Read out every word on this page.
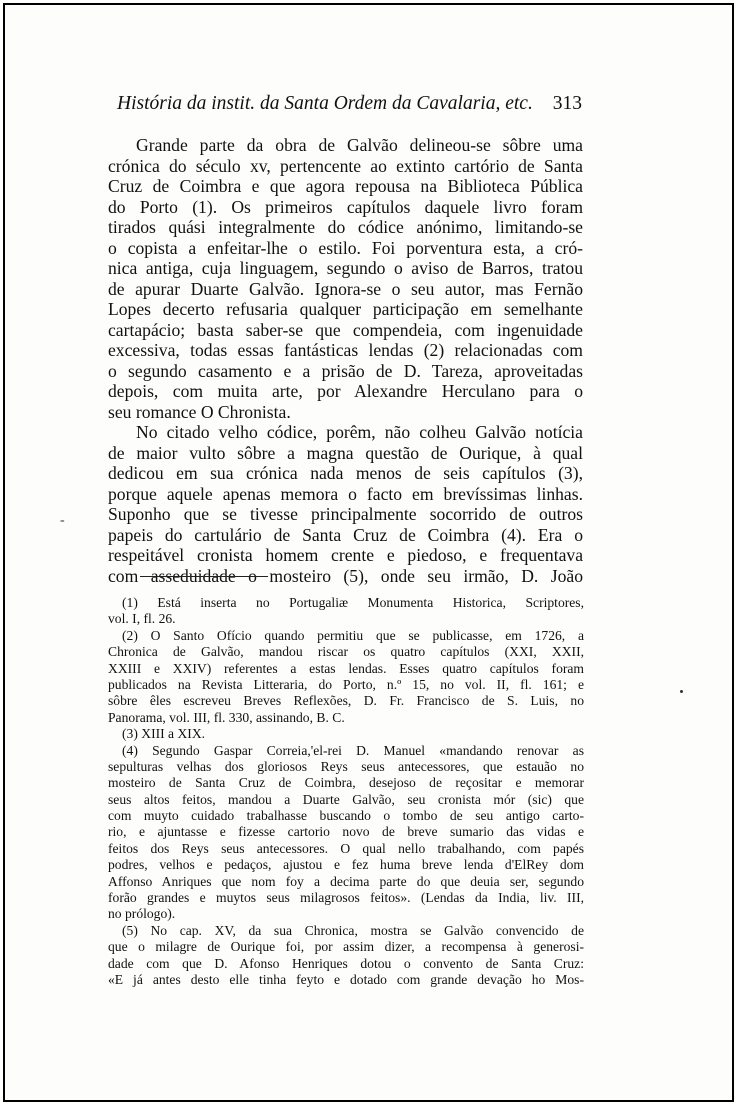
História da instit. da Santa Ordem da Cavalaria, etc. 313
Grande parte da obra de Galvão delineou-se sôbre uma
crónica do século xv, pertencente ao extinto cartório de Santa
Cruz de Coimbra e que agora repousa na Biblioteca Pública
do Porto (1). Os primeiros capítulos daquele livro foram
tirados quási integralmente do códice anónimo, limitando-se
o copista a enfeitar-lhe o estilo. Foi porventura esta, a cró-
nica antiga, cuja linguagem, segundo o aviso de Barros, tratou
de apurar Duarte Galvão. Ignora-se o seu autor, mas Fernão
Lopes decerto refusaria qualquer participação em semelhante
cartapácio; basta saber-se que compendeia, com ingenuidade
excessiva, todas essas fantásticas lendas (2) relacionadas com
o segundo casamento e a prisão de D. Tareza, aproveitadas
depois, com muita arte, por Alexandre Herculano para o
seu romance O Chronista.
No citado velho códice, porêm, não colheu Galvão notícia
de maior vulto sôbre a magna questão de Ourique, à qual
dedicou em sua crónica nada menos de seis capítulos (3),
porque aquele apenas memora o facto em brevíssimas linhas.
Suponho que se tivesse principalmente socorrido de outros
papeis do cartulário de Santa Cruz de Coimbra (4). Era o
respeitável cronista homem crente e piedoso, e frequentava
com asseduidade o mosteiro (5), onde seu irmão, D. João
-
(1) Está inserta no Portugaliæ Monumenta Historica, Scriptores,
vol. I, fl. 26.
(2) O Santo Ofício quando permitiu que se publicasse, em 1726, a
Chronica de Galvão, mandou riscar os quatro capítulos (XXI, XXII,
XXIII e XXIV) referentes a estas lendas. Esses quatro capítulos foram
publicados na Revista Litteraria, do Porto, n.º 15, no vol. II, fl. 161; e
sôbre êles escreveu Breves Reflexões, D. Fr. Francisco de S. Luis, no
Panorama, vol. III, fl. 330, assinando, B. C.
(3) XIII a XIX.
(4) Segundo Gaspar Correia,'el-rei D. Manuel «mandando renovar as
sepulturas velhas dos gloriosos Reys seus antecessores, que estauão no
mosteiro de Santa Cruz de Coimbra, desejoso de reçositar e memorar
seus altos feitos, mandou a Duarte Galvão, seu cronista mór (sic) que
com muyto cuidado trabalhasse buscando o tombo de seu antigo carto-
rio, e ajuntasse e fizesse cartorio novo de breve sumario das vidas e
feitos dos Reys seus antecessores. O qual nello trabalhando, com papés
podres, velhos e pedaços, ajustou e fez huma breve lenda d'ElRey dom
Affonso Anriques que nom foy a decima parte do que deuia ser, segundo
forão grandes e muytos seus milagrosos feitos». (Lendas da India, liv. III,
no prólogo).
(5) No cap. XV, da sua Chronica, mostra se Galvão convencido de
que o milagre de Ourique foi, por assim dizer, a recompensa à generosi-
dade com que D. Afonso Henriques dotou o convento de Santa Cruz:
«E já antes desto elle tinha feyto e dotado com grande devação ho Mos-
